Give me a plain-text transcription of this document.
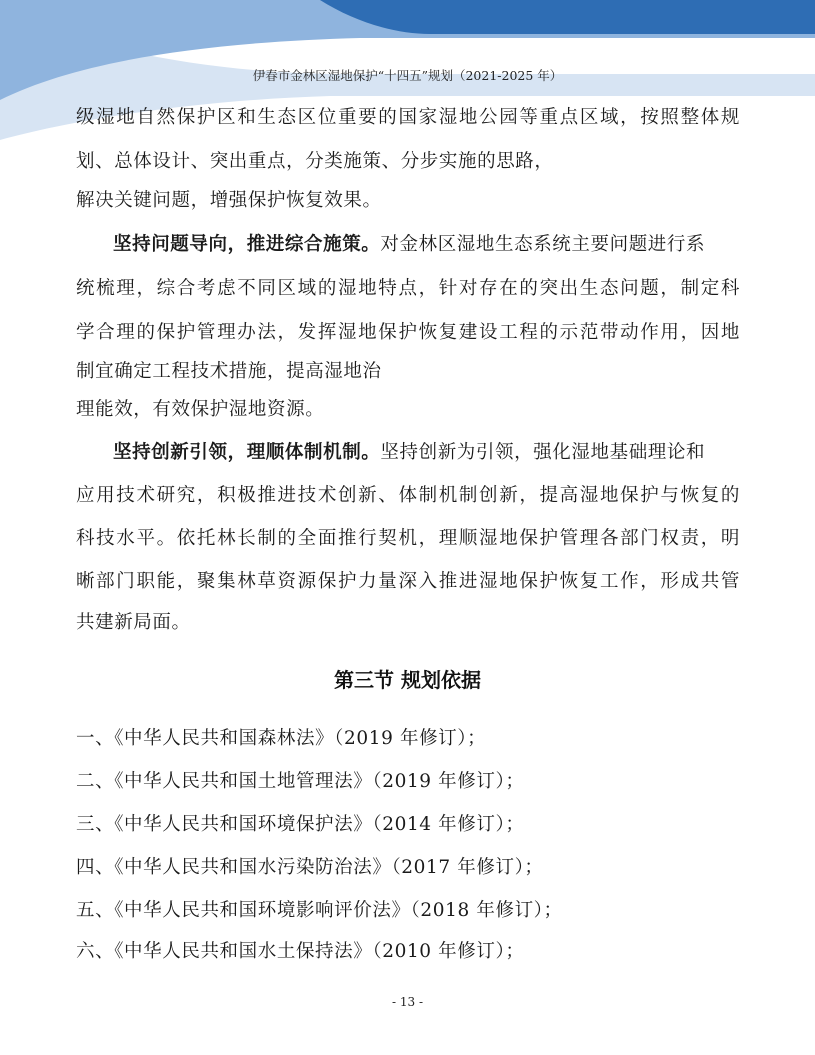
伊春市金林区湿地保护“十四五”规划（2021-2025 年）
级湿地自然保护区和生态区位重要的国家湿地公园等重点区域，按照整体规
划、总体设计、突出重点，分类施策、分步实施的思路，
解决关键问题，增强保护恢复效果。
坚持问题导向，推进综合施策。对金林区湿地生态系统主要问题进行系
统梳理，综合考虑不同区域的湿地特点，针对存在的突出生态问题，制定科
学合理的保护管理办法，发挥湿地保护恢复建设工程的示范带动作用，因地
制宜确定工程技术措施，提高湿地治
理能效，有效保护湿地资源。
坚持创新引领，理顺体制机制。坚持创新为引领，强化湿地基础理论和
应用技术研究，积极推进技术创新、体制机制创新，提高湿地保护与恢复的
科技水平。依托林长制的全面推行契机，理顺湿地保护管理各部门权责，明
晰部门职能，聚集林草资源保护力量深入推进湿地保护恢复工作，形成共管
共建新局面。
一、《中华人民共和国森林法》（2019 年修订）；
二、《中华人民共和国土地管理法》（2019 年修订）；
三、《中华人民共和国环境保护法》（2014 年修订）；
四、《中华人民共和国水污染防治法》（2017 年修订）；
五、《中华人民共和国环境影响评价法》（2018 年修订）；
六、《中华人民共和国水土保持法》（2010 年修订）；
第三节 规划依据
- 13 -
